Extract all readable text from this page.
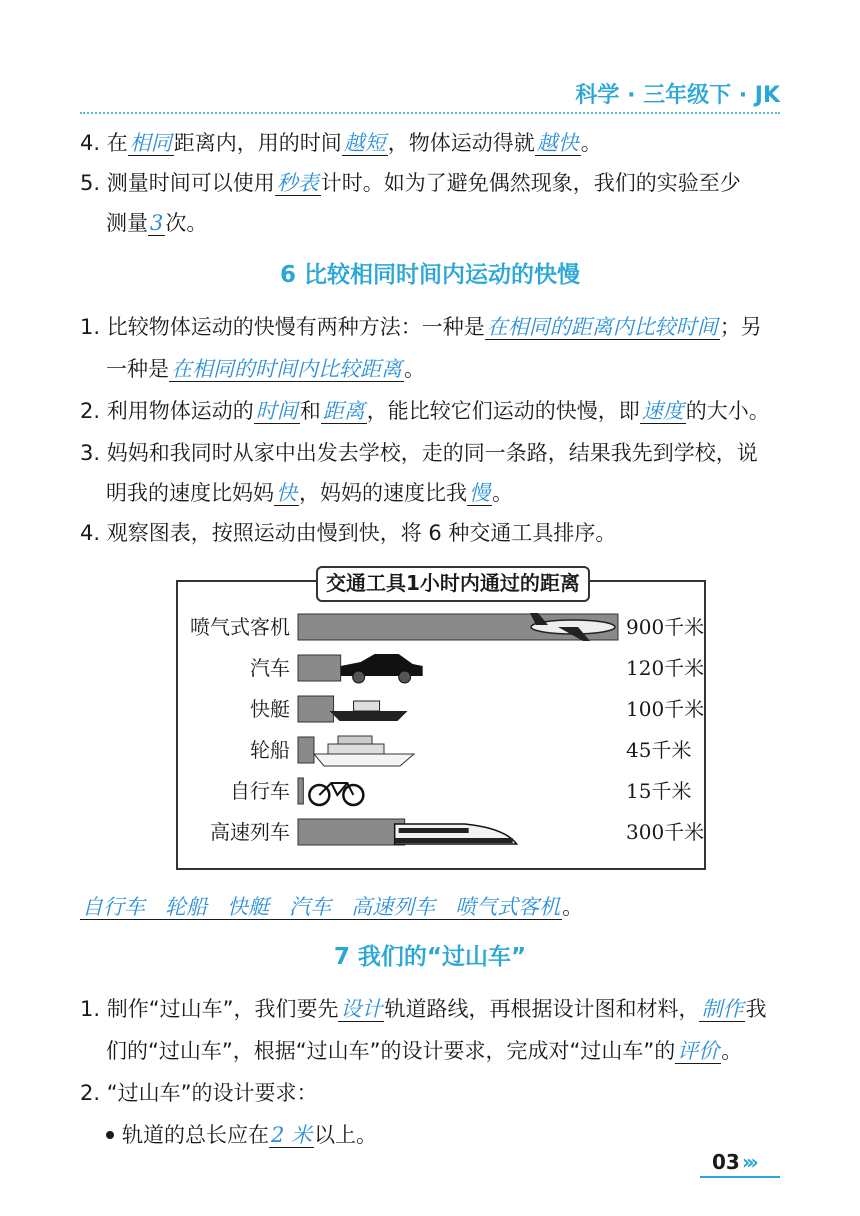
科学 · 三年级下 · JK
4. 在相同距离内，用的时间越短，物体运动得就越快。
5. 测量时间可以使用秒表计时。如为了避免偶然现象，我们的实验至少
测量3次。
6 比较相同时间内运动的快慢
1. 比较物体运动的快慢有两种方法：一种是在相同的距离内比较时间；另
一种是在相同的时间内比较距离。
2. 利用物体运动的时间和距离，能比较它们运动的快慢，即速度的大小。
3. 妈妈和我同时从家中出发去学校，走的同一条路，结果我先到学校，说
明我的速度比妈妈快，妈妈的速度比我慢。
4. 观察图表，按照运动由慢到快，将 6 种交通工具排序。
喷气式客机	900千米
汽车	120千米
快艇	100千米
轮船	45千米
自行车	15千米
高速列车	300千米
交通工具1小时内通过的距离
自行车   轮船   快艇   汽车   高速列车   喷气式客机。
7 我们的“过山车”
1. 制作“过山车”，我们要先设计轨道路线，再根据设计图和材料，制作我
们的“过山车”，根据“过山车”的设计要求，完成对“过山车”的评价。
2. “过山车”的设计要求：
轨道的总长应在2 米以上。
03 ›››
